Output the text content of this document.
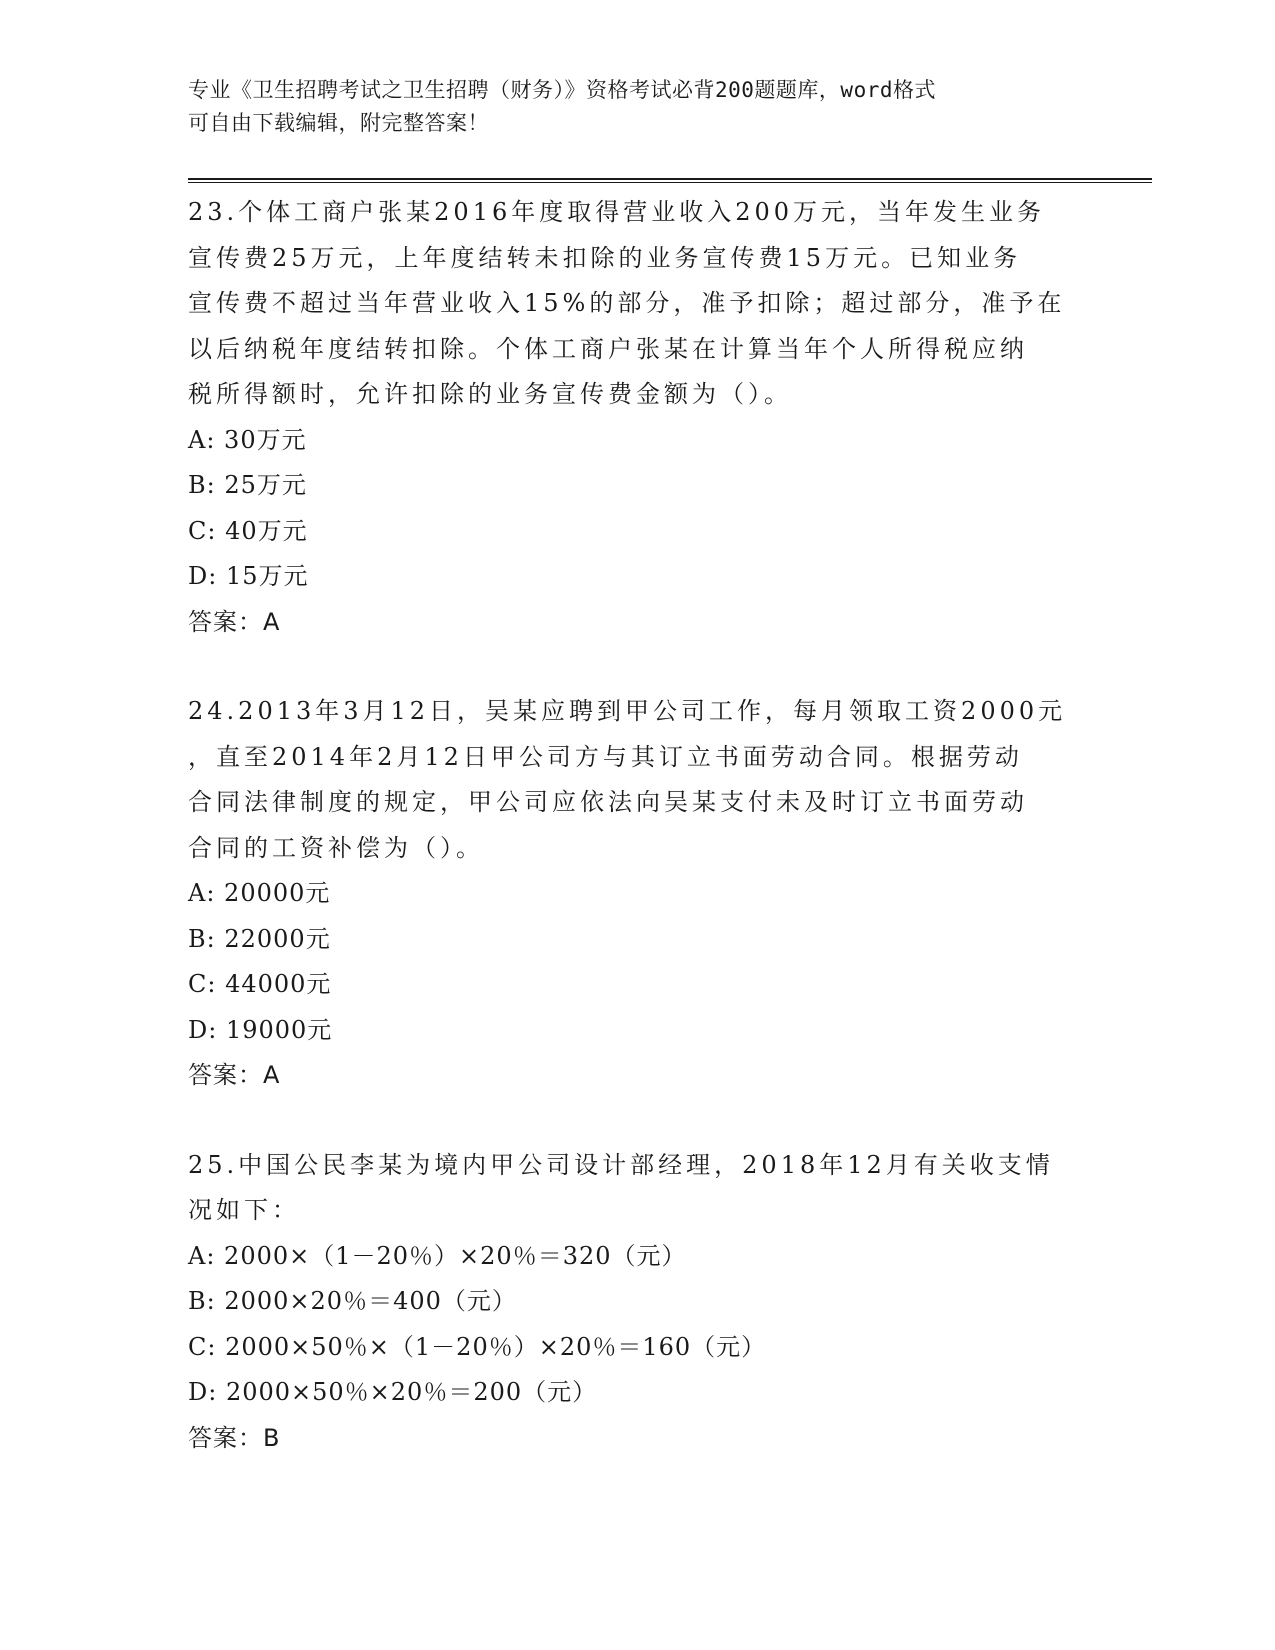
专业《卫生招聘考试之卫生招聘（财务）》资格考试必背200题题库，word格式
可自由下载编辑，附完整答案！

23.个体工商户张某2016年度取得营业收入200万元，当年发生业务

宣传费25万元，上年度结转未扣除的业务宣传费15万元。已知业务

宣传费不超过当年营业收入15%的部分，准予扣除；超过部分，准予在

以后纳税年度结转扣除。个体工商户张某在计算当年个人所得税应纳

税所得额时，允许扣除的业务宣传费金额为（）。

A: 30万元

B: 25万元

C: 40万元

D: 15万元

答案：A

24.2013年3月12日，吴某应聘到甲公司工作，每月领取工资2000元

，直至2014年2月12日甲公司方与其订立书面劳动合同。根据劳动

合同法律制度的规定，甲公司应依法向吴某支付未及时订立书面劳动

合同的工资补偿为（）。

A: 20000元

B: 22000元

C: 44000元

D: 19000元

答案：A

25.中国公民李某为境内甲公司设计部经理，2018年12月有关收支情

况如下：

A: 2000×（1－20％）×20％＝320（元）

B: 2000×20％＝400（元）

C: 2000×50％×（1－20％）×20％＝160（元）

D: 2000×50％×20％＝200（元）

答案：B
